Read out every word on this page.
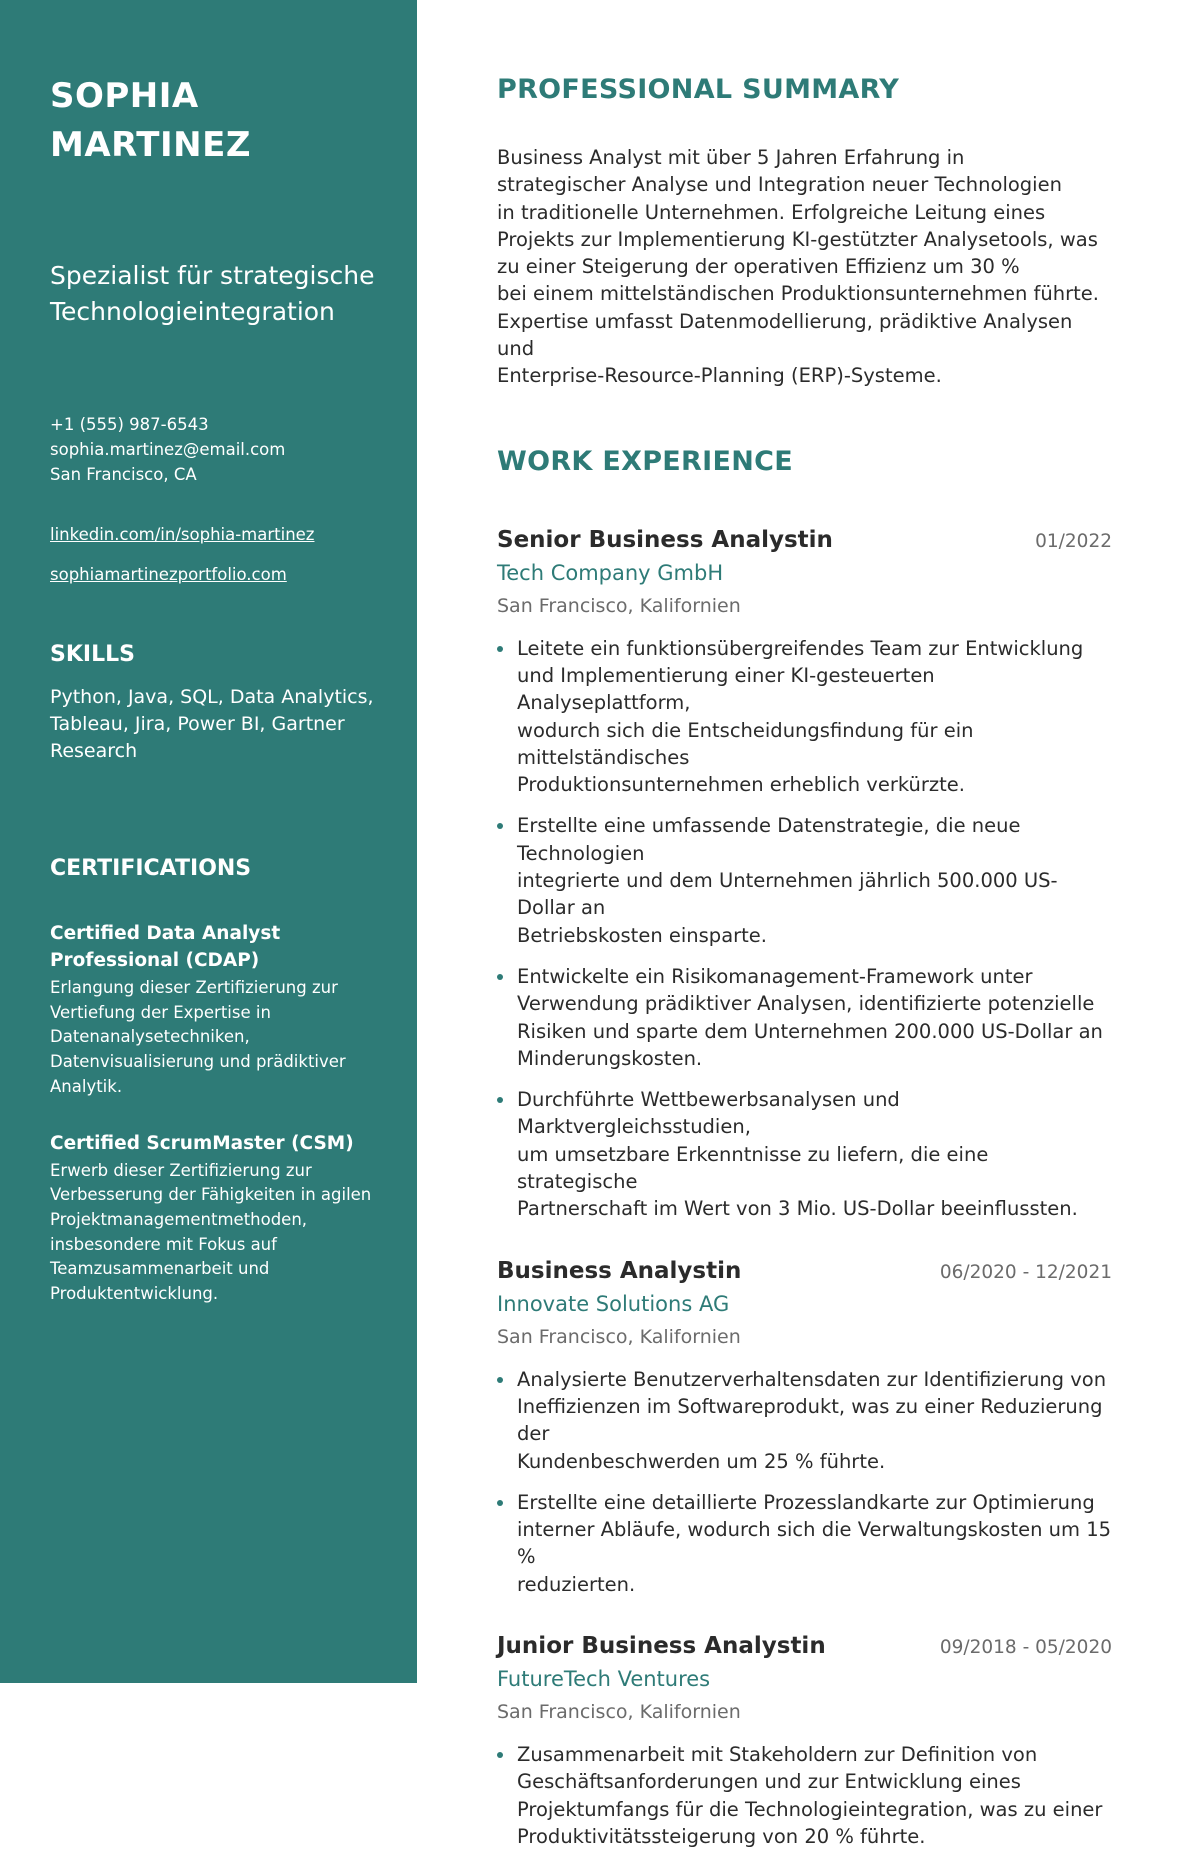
SOPHIA
MARTINEZ
Spezialist für strategische Technologieintegration
+1 (555) 987-6543
sophia.martinez@email.com
San Francisco, CA
linkedin.com/in/sophia-martinez
sophiamartinezportfolio.com
SKILLS
Python, Java, SQL, Data Analytics, Tableau, Jira, Power BI, Gartner Research
CERTIFICATIONS
Certified Data Analyst Professional (CDAP)
Erlangung dieser Zertifizierung zur Vertiefung der Expertise in Datenanalysetechniken, Datenvisualisierung und prädiktiver Analytik.
Certified ScrumMaster (CSM)
Erwerb dieser Zertifizierung zur Verbesserung der Fähigkeiten in agilen Projektmanagementmethoden, insbesondere mit Fokus auf Teamzusammenarbeit und Produktentwicklung.
PROFESSIONAL SUMMARY

Business Analyst mit über 5 Jahren Erfahrung in
strategischer Analyse und Integration neuer Technologien
in traditionelle Unternehmen. Erfolgreiche Leitung eines
Projekts zur Implementierung KI-gestützter Analysetools, was
zu einer Steigerung der operativen Effizienz um 30 %
bei einem mittelständischen Produktionsunternehmen führte.
Expertise umfasst Datenmodellierung, prädiktive Analysen und
Enterprise-Resource-Planning (ERP)-Systeme.

WORK EXPERIENCE
Senior Business Analystin	01/2022
Tech Company GmbH
San Francisco, Kalifornien
Leitete ein funktionsübergreifendes Team zur Entwicklung
und Implementierung einer KI-gesteuerten Analyseplattform,
wodurch sich die Entscheidungsfindung für ein mittelständisches
Produktionsunternehmen erheblich verkürzte.
Erstellte eine umfassende Datenstrategie, die neue Technologien
integrierte und dem Unternehmen jährlich 500.000 US-Dollar an
Betriebskosten einsparte.
Entwickelte ein Risikomanagement-Framework unter
Verwendung prädiktiver Analysen, identifizierte potenzielle
Risiken und sparte dem Unternehmen 200.000 US-Dollar an
Minderungskosten.
Durchführte Wettbewerbsanalysen und Marktvergleichsstudien,
um umsetzbare Erkenntnisse zu liefern, die eine strategische
Partnerschaft im Wert von 3 Mio. US-Dollar beeinflussten.
Business Analystin	06/2020 - 12/2021
Innovate Solutions AG
San Francisco, Kalifornien
Analysierte Benutzerverhaltensdaten zur Identifizierung von
Ineffizienzen im Softwareprodukt, was zu einer Reduzierung der
Kundenbeschwerden um 25 % führte.
Erstellte eine detaillierte Prozesslandkarte zur Optimierung
interner Abläufe, wodurch sich die Verwaltungskosten um 15 %
reduzierten.
Junior Business Analystin	09/2018 - 05/2020
FutureTech Ventures
San Francisco, Kalifornien
Zusammenarbeit mit Stakeholdern zur Definition von
Geschäftsanforderungen und zur Entwicklung eines
Projektumfangs für die Technologieintegration, was zu einer
Produktivitätssteigerung von 20 % führte.
